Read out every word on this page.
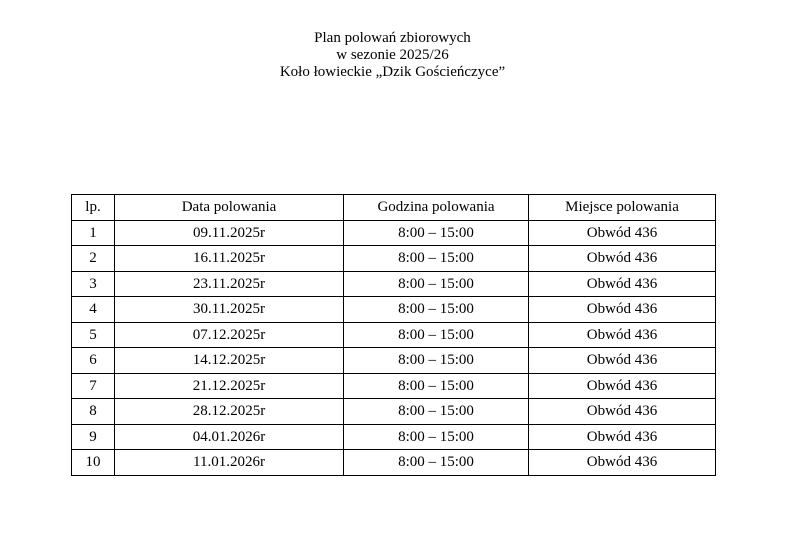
Plan polowań zbiorowych
w sezonie 2025/26
Koło łowieckie „Dzik Gościeńczyce”
lp.	Data polowania	Godzina polowania	Miejsce polowania
1	09.11.2025r	8:00 – 15:00	Obwód 436
2	16.11.2025r	8:00 – 15:00	Obwód 436
3	23.11.2025r	8:00 – 15:00	Obwód 436
4	30.11.2025r	8:00 – 15:00	Obwód 436
5	07.12.2025r	8:00 – 15:00	Obwód 436
6	14.12.2025r	8:00 – 15:00	Obwód 436
7	21.12.2025r	8:00 – 15:00	Obwód 436
8	28.12.2025r	8:00 – 15:00	Obwód 436
9	04.01.2026r	8:00 – 15:00	Obwód 436
10	11.01.2026r	8:00 – 15:00	Obwód 436
